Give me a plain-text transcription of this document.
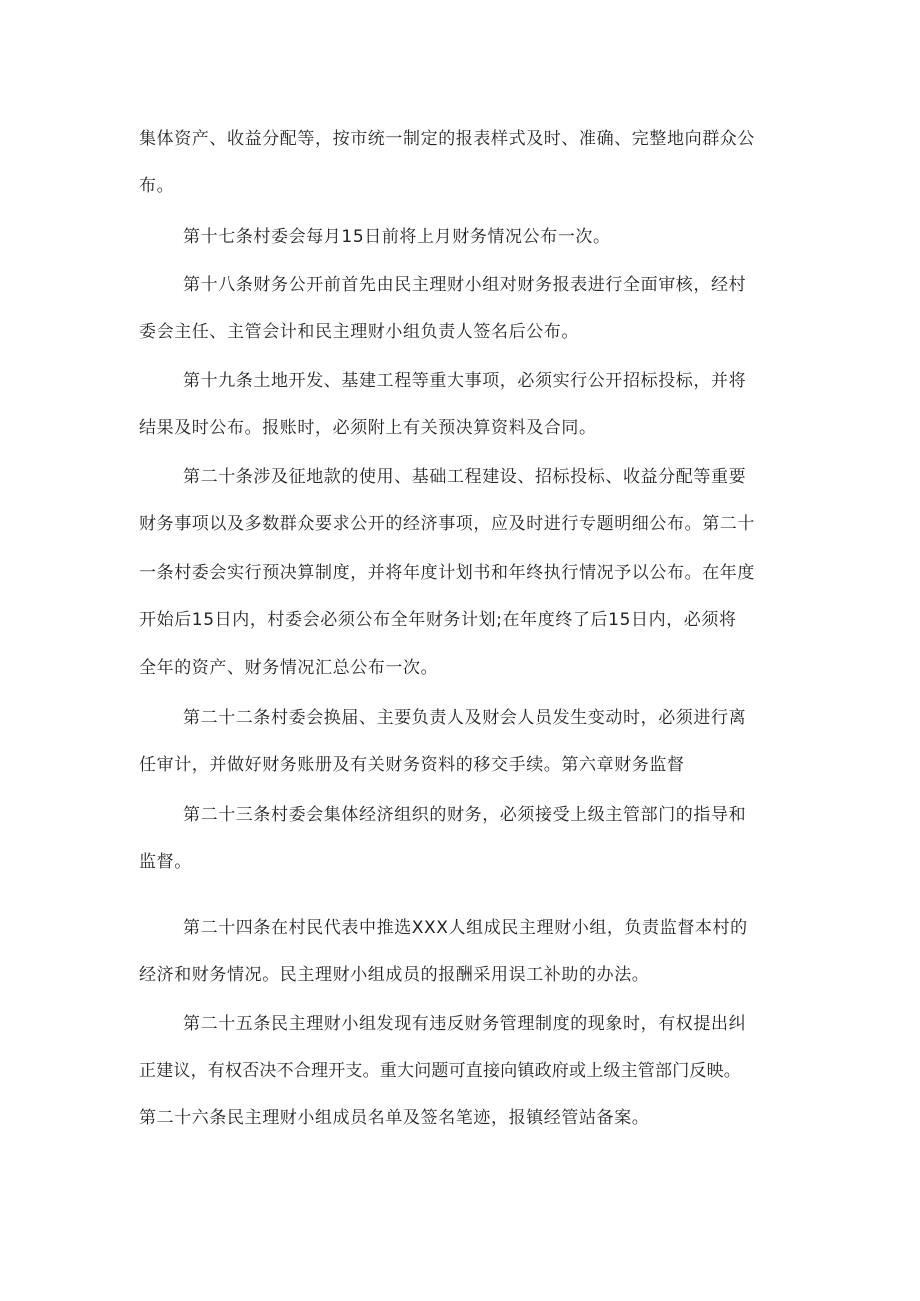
集体资产、收益分配等，按市统一制定的报表样式及时、准确、完整地向群众公

布。

第十七条村委会每月15日前将上月财务情况公布一次。

第十八条财务公开前首先由民主理财小组对财务报表进行全面审核，经村

委会主任、主管会计和民主理财小组负责人签名后公布。

第十九条土地开发、基建工程等重大事项，必须实行公开招标投标，并将

结果及时公布。报账时，必须附上有关预决算资料及合同。

第二十条涉及征地款的使用、基础工程建设、招标投标、收益分配等重要

财务事项以及多数群众要求公开的经济事项，应及时进行专题明细公布。第二十

一条村委会实行预决算制度，并将年度计划书和年终执行情况予以公布。在年度

开始后15日内，村委会必须公布全年财务计划;在年度终了后15日内，必须将

全年的资产、财务情况汇总公布一次。

第二十二条村委会换届、主要负责人及财会人员发生变动时，必须进行离

任审计，并做好财务账册及有关财务资料的移交手续。第六章财务监督

第二十三条村委会集体经济组织的财务，必须接受上级主管部门的指导和

监督。

第二十四条在村民代表中推选XXX人组成民主理财小组，负责监督本村的

经济和财务情况。民主理财小组成员的报酬采用误工补助的办法。

第二十五条民主理财小组发现有违反财务管理制度的现象时，有权提出纠

正建议，有权否决不合理开支。重大问题可直接向镇政府或上级主管部门反映。

第二十六条民主理财小组成员名单及签名笔迹，报镇经管站备案。
